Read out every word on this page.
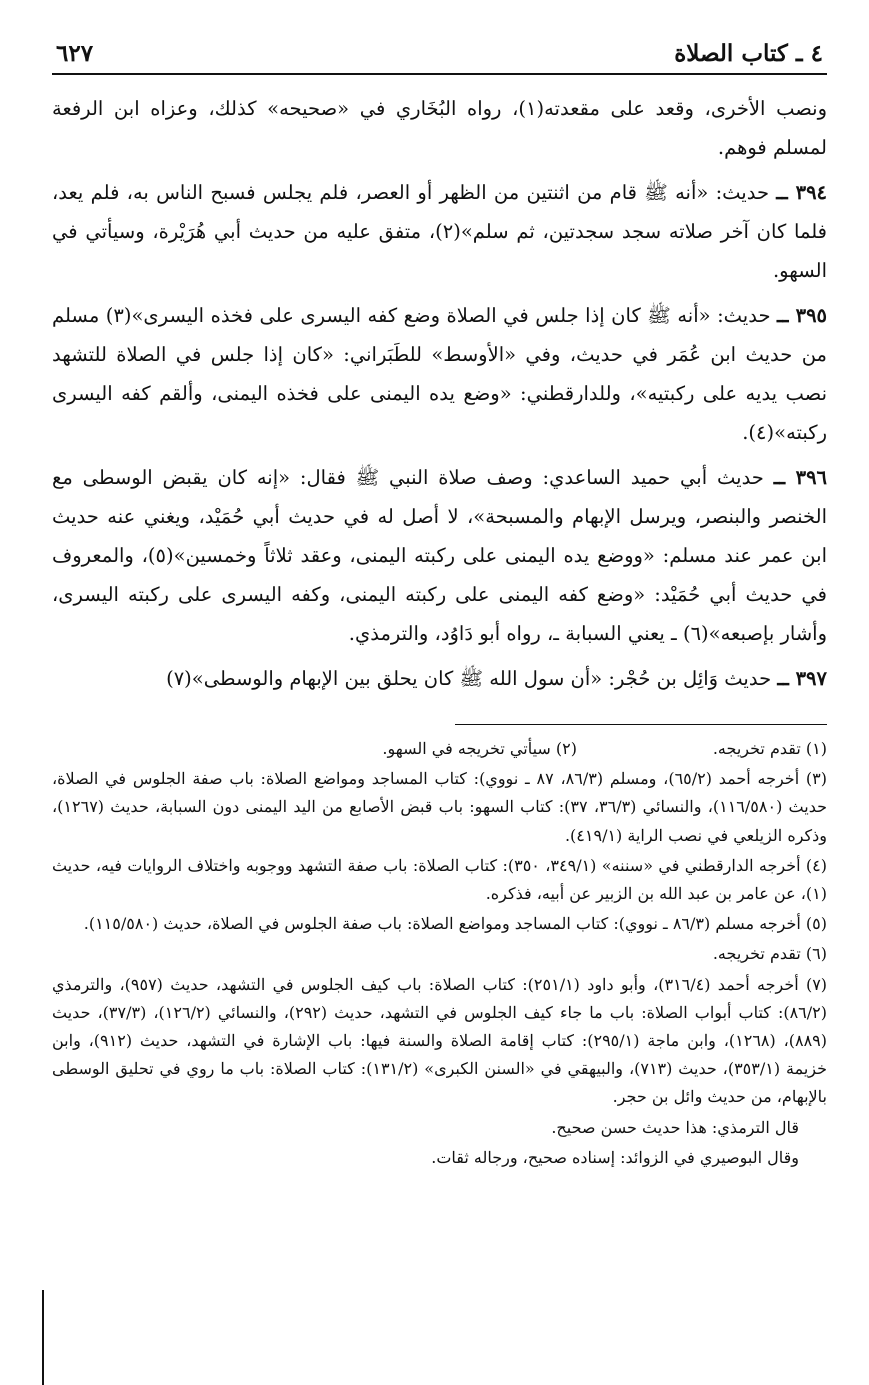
٤ ـ كتاب الصلاة
٦٢٧

ونصب الأخرى، وقعد على مقعدته(١)، رواه البُخَاري في «صحيحه» كذلك، وعزاه ابن الرفعة لمسلم فوهم.

٣٩٤ ــ حديث: «أنه ﷺ قام من اثنتين من الظهر أو العصر، فلم يجلس فسبح الناس به، فلم يعد، فلما كان آخر صلاته سجد سجدتين، ثم سلم»(٢)، متفق عليه من حديث أبي هُرَيْرة، وسيأتي في السهو.

٣٩٥ ــ حديث: «أنه ﷺ كان إذا جلس في الصلاة وضع كفه اليسرى على فخذه اليسرى»(٣) مسلم من حديث ابن عُمَر في حديث، وفي «الأوسط» للطَبَراني: «كان إذا جلس في الصلاة للتشهد نصب يديه على ركبتيه»، وللدارقطني: «وضع يده اليمنى على فخذه اليمنى، وألقم كفه اليسرى ركبته»(٤).

٣٩٦ ــ حديث أبي حميد الساعدي: وصف صلاة النبي ﷺ فقال: «إنه كان يقبض الوسطى مع الخنصر والبنصر، ويرسل الإبهام والمسبحة»، لا أصل له في حديث أبي حُمَيْد، ويغني عنه حديث ابن عمر عند مسلم: «ووضع يده اليمنى على ركبته اليمنى، وعقد ثلاثاً وخمسين»(٥)، والمعروف في حديث أبي حُمَيْد: «وضع كفه اليمنى على ركبته اليمنى، وكفه اليسرى على ركبته اليسرى، وأشار بإصبعه»(٦) ـ يعني السبابة ـ، رواه أبو دَاوُد، والترمذي.

٣٩٧ ــ حديث وَائِل بن حُجْر: «أن سول الله ﷺ كان يحلق بين الإبهام والوسطى»(٧)

(١) تقدم تخريجه.
(٢) سيأتي تخريجه في السهو.

(٣) أخرجه أحمد (٦٥/٢)، ومسلم (٨٦/٣، ٨٧ ـ نووي): كتاب المساجد ومواضع الصلاة: باب صفة الجلوس في الصلاة، حديث (١١٦/٥٨٠)، والنسائي (٣٦/٣، ٣٧): كتاب السهو: باب قبض الأصابع من اليد اليمنى دون السبابة، حديث (١٢٦٧)، وذكره الزيلعي في نصب الراية (٤١٩/١).

(٤) أخرجه الدارقطني في «سننه» (٣٤٩/١، ٣٥٠): كتاب الصلاة: باب صفة التشهد ووجوبه واختلاف الروايات فيه، حديث (١)، عن عامر بن عبد الله بن الزبير عن أبيه، فذكره.

(٥) أخرجه مسلم (٨٦/٣ ـ نووي): كتاب المساجد ومواضع الصلاة: باب صفة الجلوس في الصلاة، حديث (١١٥/٥٨٠).

(٦) تقدم تخريجه.

(٧) أخرجه أحمد (٣١٦/٤)، وأبو داود (٢٥١/١): كتاب الصلاة: باب كيف الجلوس في التشهد، حديث (٩٥٧)، والترمذي (٨٦/٢): كتاب أبواب الصلاة: باب ما جاء كيف الجلوس في التشهد، حديث (٢٩٢)، والنسائي (١٢٦/٢)، (٣٧/٣)، حديث (٨٨٩)، (١٢٦٨)، وابن ماجة (٢٩٥/١): كتاب إقامة الصلاة والسنة فيها: باب الإشارة في التشهد، حديث (٩١٢)، وابن خزيمة (٣٥٣/١)، حديث (٧١٣)، والبيهقي في «السنن الكبرى» (١٣١/٢): كتاب الصلاة: باب ما روي في تحليق الوسطى بالإبهام، من حديث وائل بن حجر.

قال الترمذي: هذا حديث حسن صحيح.

وقال البوصيري في الزوائد: إسناده صحيح، ورجاله ثقات.
